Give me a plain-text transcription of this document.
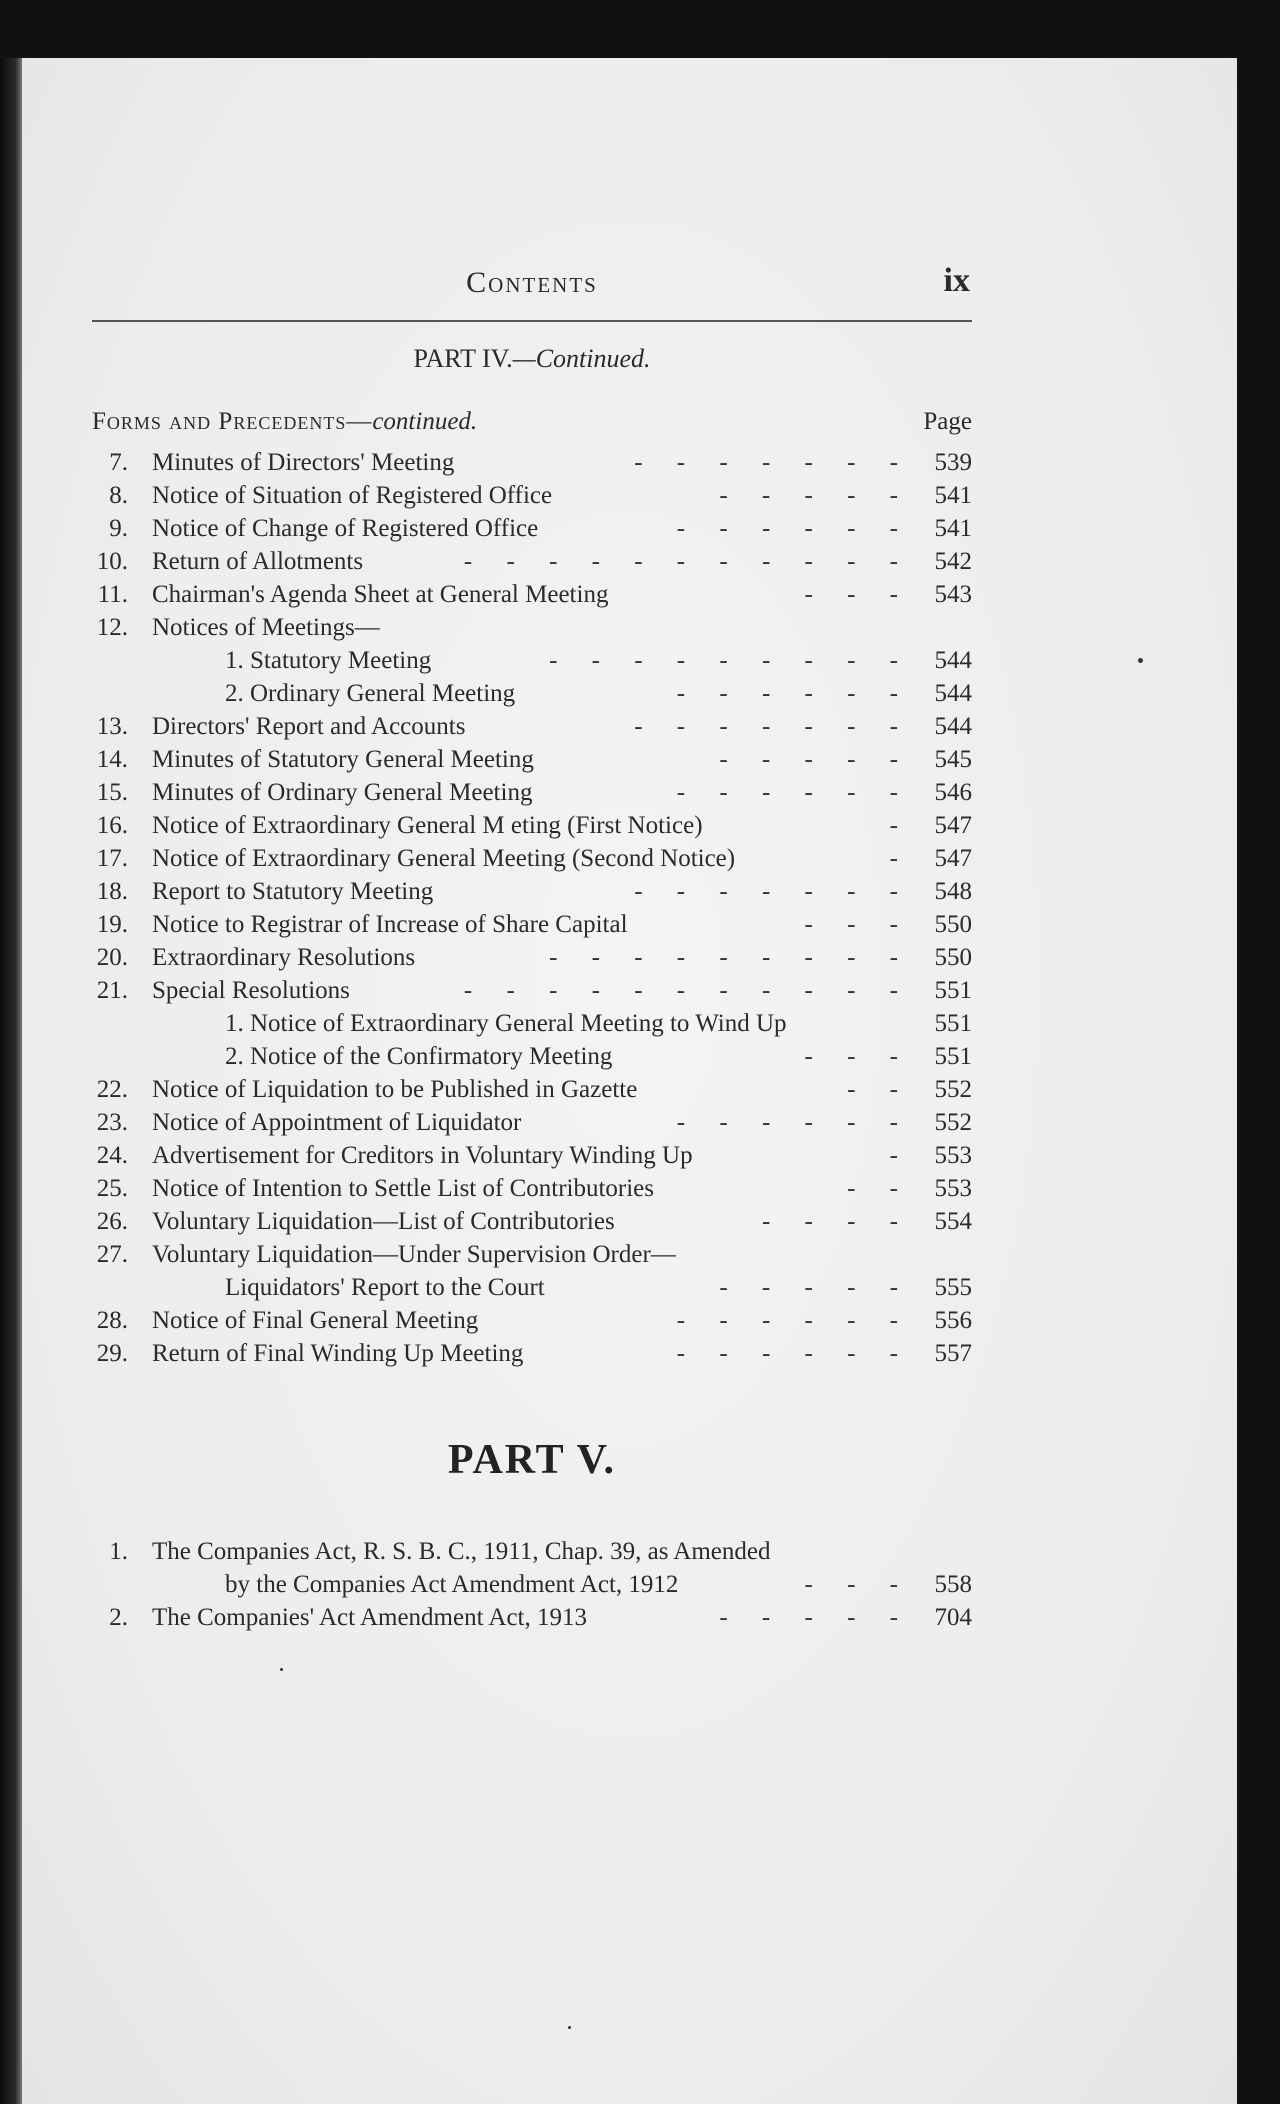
Contents	ix
PART IV.—Continued.
Forms and Precedents—continued.	Page
7. Minutes of Directors' Meeting	- - - - - - - 539
8. Notice of Situation of Registered Office	- - - - - 541
9. Notice of Change of Registered Office	- - - - - - 541
10. Return of Allotments	- - - - - - - - - - - 542
11. Chairman's Agenda Sheet at General Meeting	- - - 543
12. Notices of Meetings—
1. Statutory Meeting	- - - - - - - - - 544
2. Ordinary General Meeting	- - - - - - 544
13. Directors' Report and Accounts	- - - - - - - 544
14. Minutes of Statutory General Meeting	- - - - - 545
15. Minutes of Ordinary General Meeting	- - - - - - 546
16. Notice of Extraordinary General M eting (First Notice)	- 547
17. Notice of Extraordinary General Meeting (Second Notice)	- 547
18. Report to Statutory Meeting	- - - - - - - 548
19. Notice to Registrar of Increase of Share Capital	- - - 550
20. Extraordinary Resolutions	- - - - - - - - - 550
21. Special Resolutions	- - - - - - - - - - - 551
1. Notice of Extraordinary General Meeting to Wind Up	551
2. Notice of the Confirmatory Meeting	- - - 551
22. Notice of Liquidation to be Published in Gazette	- - 552
23. Notice of Appointment of Liquidator	- - - - - - 552
24. Advertisement for Creditors in Voluntary Winding Up	- 553
25. Notice of Intention to Settle List of Contributories	- - 553
26. Voluntary Liquidation—List of Contributories	- - - - 554
27. Voluntary Liquidation—Under Supervision Order—
Liquidators' Report to the Court	- - - - - 555
28. Notice of Final General Meeting	- - - - - - 556
29. Return of Final Winding Up Meeting	- - - - - - 557
PART V.
1. The Companies Act, R. S. B. C., 1911, Chap. 39, as Amended
by the Companies Act Amendment Act, 1912	- - - 558
2. The Companies' Act Amendment Act, 1913	- - - - - 704
